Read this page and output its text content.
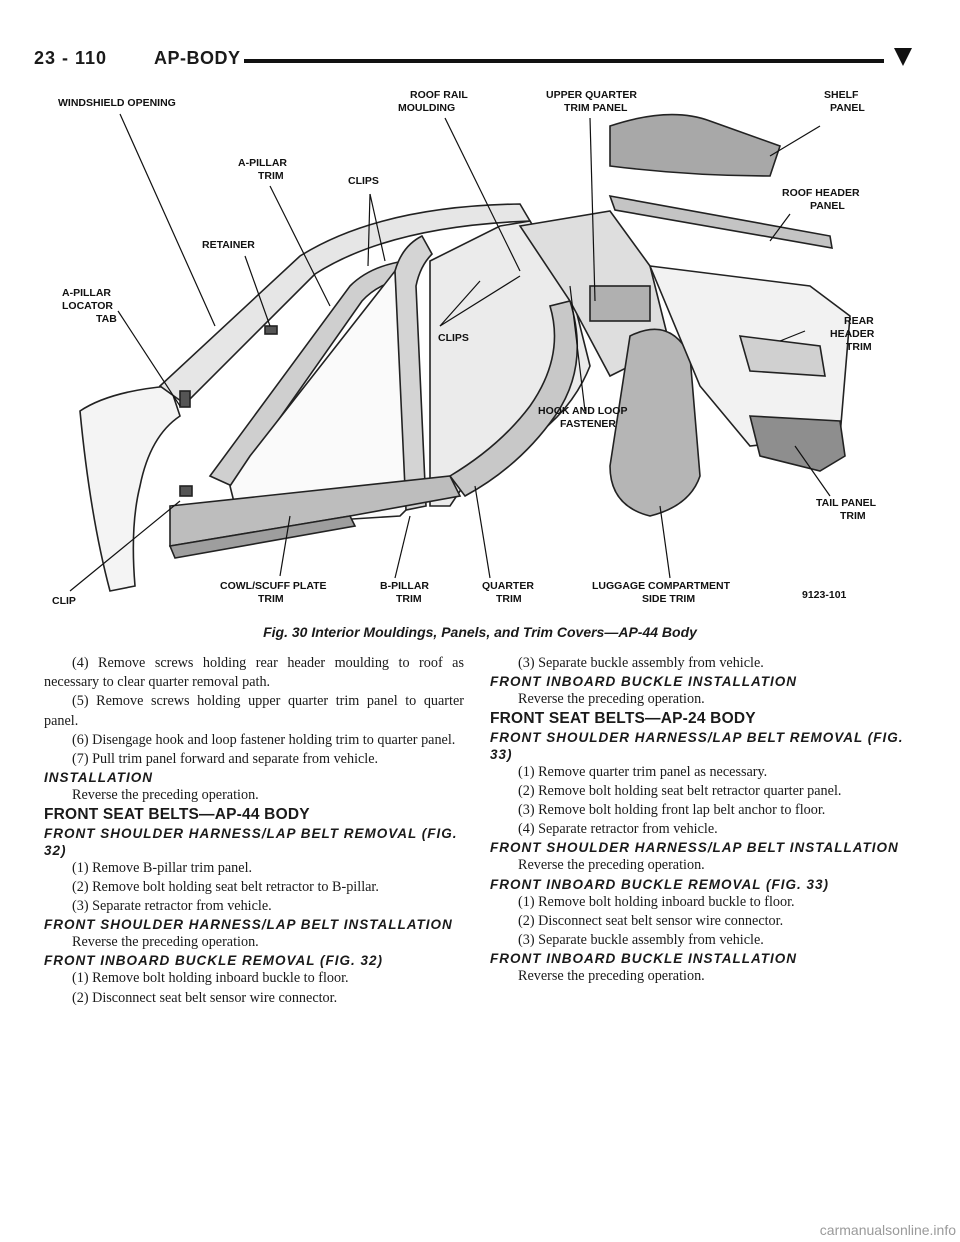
23 - 110	AP-BODY
WINDSHIELD OPENING
ROOF RAIL
MOULDING
UPPER QUARTER
TRIM PANEL
SHELF
PANEL
A-PILLAR
TRIM	CLIPS
ROOF HEADER
PANEL
RETAINER
A-PILLAR
LOCATOR
TAB
CLIPS
REAR
HEADER
TRIM
HOOK AND LOOP
FASTENER
TAIL PANEL
TRIM
CLIP
COWL/SCUFF PLATE
TRIM
B-PILLAR
TRIM
QUARTER
TRIM
LUGGAGE COMPARTMENT
SIDE TRIM	9123-101
Fig. 30 Interior Mouldings, Panels, and Trim Covers—AP-44 Body

(4) Remove screws holding rear header moulding to roof as necessary to clear quarter removal path.

(5) Remove screws holding upper quarter trim panel to quarter panel.

(6) Disengage hook and loop fastener holding trim to quarter panel.

(7) Pull trim panel forward and separate from vehicle.

INSTALLATION

Reverse the preceding operation.

FRONT SEAT BELTS—AP-44 BODY

FRONT SHOULDER HARNESS/LAP BELT REMOVAL (FIG. 32)

(1) Remove B-pillar trim panel.

(2) Remove bolt holding seat belt retractor to B-pillar.

(3) Separate retractor from vehicle.

FRONT SHOULDER HARNESS/LAP BELT INSTALLATION

Reverse the preceding operation.

FRONT INBOARD BUCKLE REMOVAL (FIG. 32)

(1) Remove bolt holding inboard buckle to floor.

(2) Disconnect seat belt sensor wire connector.

(3) Separate buckle assembly from vehicle.

FRONT INBOARD BUCKLE INSTALLATION

Reverse the preceding operation.

FRONT SEAT BELTS—AP-24 BODY

FRONT SHOULDER HARNESS/LAP BELT REMOVAL (FIG. 33)

(1) Remove quarter trim panel as necessary.

(2) Remove bolt holding seat belt retractor quarter panel.

(3) Remove bolt holding front lap belt anchor to floor.

(4) Separate retractor from vehicle.

FRONT SHOULDER HARNESS/LAP BELT INSTALLATION

Reverse the preceding operation.

FRONT INBOARD BUCKLE REMOVAL (FIG. 33)

(1) Remove bolt holding inboard buckle to floor.

(2) Disconnect seat belt sensor wire connector.

(3) Separate buckle assembly from vehicle.

FRONT INBOARD BUCKLE INSTALLATION

Reverse the preceding operation.

carmanualsonline.info
